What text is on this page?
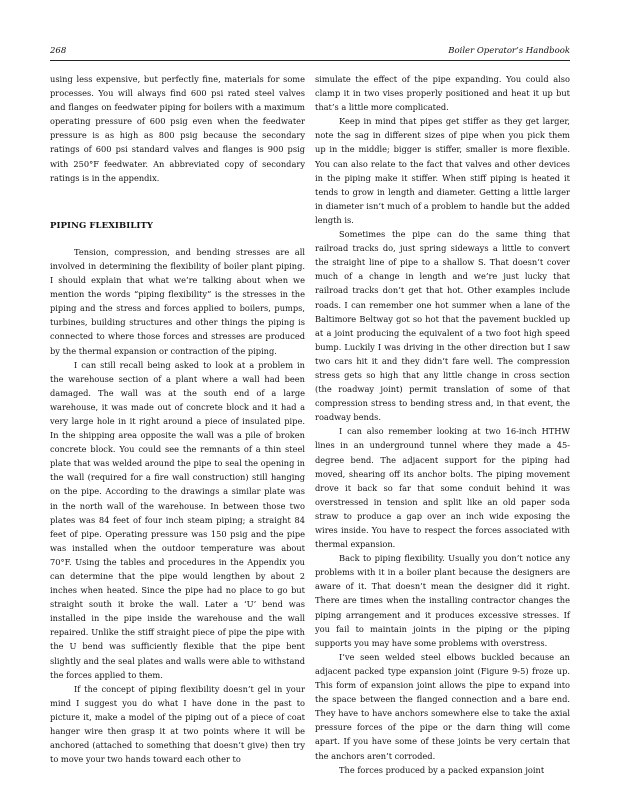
268	Boiler Operator’s Handbook

using less expensive, but perfectly fine, materials for some processes. You will always find 600 psi rated steel valves and flanges on feedwater piping for boilers with a maximum operating pressure of 600 psig even when the feedwater pressure is as high as 800 psig because the secondary ratings of 600 psi standard valves and flanges is 900 psig with 250°F feedwater. An abbreviated copy of secondary ratings is in the appendix.

PIPING FLEXIBILITY

Tension, compression, and bending stresses are all involved in determining the flexibility of boiler plant piping. I should explain that what we’re talking about when we mention the words “piping flexibility” is the stresses in the piping and the stress and forces applied to boilers, pumps, turbines, building structures and other things the piping is connected to where those forces and stresses are produced by the thermal expansion or contraction of the piping.

I can still recall being asked to look at a problem in the warehouse section of a plant where a wall had been damaged. The wall was at the south end of a large warehouse, it was made out of concrete block and it had a very large hole in it right around a piece of insulated pipe. In the shipping area opposite the wall was a pile of broken concrete block. You could see the remnants of a thin steel plate that was welded around the pipe to seal the opening in the wall (required for a fire wall construction) still hanging on the pipe. According to the drawings a similar plate was in the north wall of the warehouse. In between those two plates was 84 feet of four inch steam piping; a straight 84 feet of pipe. Operating pressure was 150 psig and the pipe was installed when the outdoor temperature was about 70°F. Using the tables and procedures in the Appendix you can determine that the pipe would lengthen by about 2 inches when heated. Since the pipe had no place to go but straight south it broke the wall. Later a ‘U’ bend was installed in the pipe inside the warehouse and the wall repaired. Unlike the stiff straight piece of pipe the pipe with the U bend was sufficiently flexible that the pipe bent slightly and the seal plates and walls were able to withstand the forces applied to them.

If the concept of piping flexibility doesn’t gel in your mind I suggest you do what I have done in the past to picture it, make a model of the piping out of a piece of coat hanger wire then grasp it at two points where it will be anchored (attached to something that doesn’t give) then try to move your two hands toward each other to

simulate the effect of the pipe expanding. You could also clamp it in two vises properly positioned and heat it up but that’s a little more complicated.

Keep in mind that pipes get stiffer as they get larger, note the sag in different sizes of pipe when you pick them up in the middle; bigger is stiffer, smaller is more flexible. You can also relate to the fact that valves and other devices in the piping make it stiffer. When stiff piping is heated it tends to grow in length and diameter. Getting a little larger in diameter isn’t much of a problem to handle but the added length is.

Sometimes the pipe can do the same thing that railroad tracks do, just spring sideways a little to convert the straight line of pipe to a shallow S. That doesn’t cover much of a change in length and we’re just lucky that railroad tracks don’t get that hot. Other examples include roads. I can remember one hot summer when a lane of the Baltimore Beltway got so hot that the pavement buckled up at a joint producing the equivalent of a two foot high speed bump. Luckily I was driving in the other direction but I saw two cars hit it and they didn’t fare well. The compression stress gets so high that any little change in cross section (the roadway joint) permit translation of some of that compression stress to bending stress and, in that event, the roadway bends.

I can also remember looking at two 16-inch HTHW lines in an underground tunnel where they made a 45-degree bend. The adjacent support for the piping had moved, shearing off its anchor bolts. The piping movement drove it back so far that some conduit behind it was overstressed in tension and split like an old paper soda straw to produce a gap over an inch wide exposing the wires inside. You have to respect the forces associated with thermal expansion.

Back to piping flexibility. Usually you don’t notice any problems with it in a boiler plant because the designers are aware of it. That doesn’t mean the designer did it right. There are times when the installing contractor changes the piping arrangement and it produces excessive stresses. If you fail to maintain joints in the piping or the piping supports you may have some problems with overstress.

I’ve seen welded steel elbows buckled because an adjacent packed type expansion joint (Figure 9-5) froze up. This form of expansion joint allows the pipe to expand into the space between the flanged connection and a bare end. They have to have anchors somewhere else to take the axial pressure forces of the pipe or the darn thing will come apart. If you have some of these joints be very certain that the anchors aren’t corroded.

The forces produced by a packed expansion joint
